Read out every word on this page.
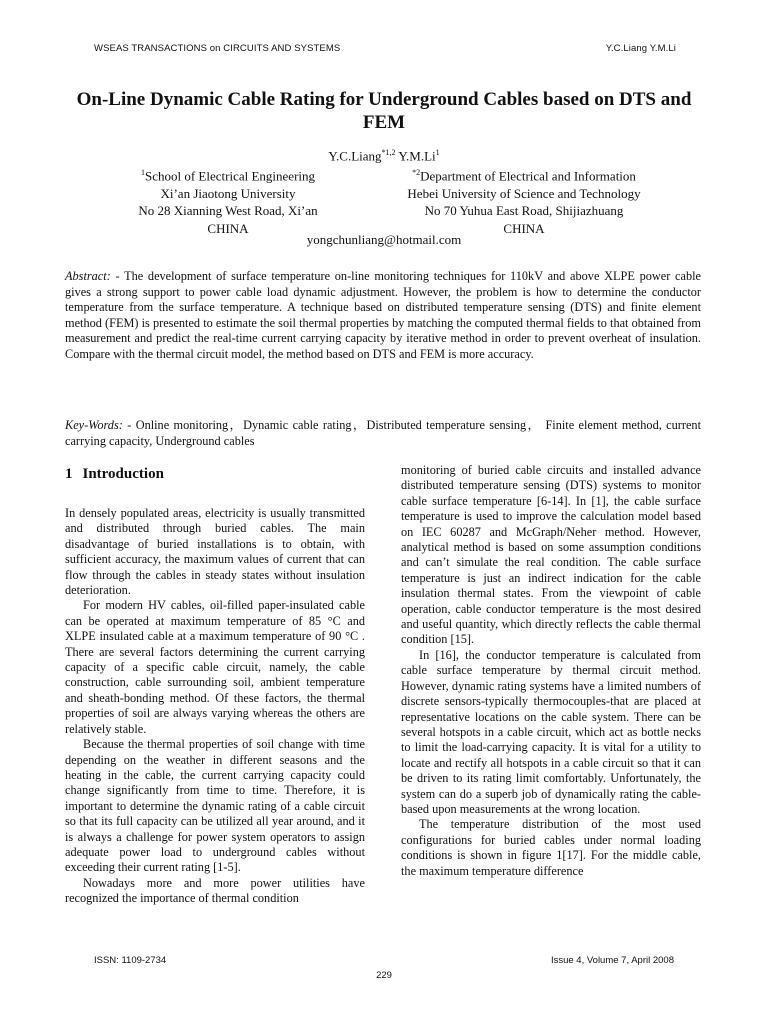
WSEAS TRANSACTIONS on CIRCUITS AND SYSTEMS	Y.C.Liang Y.M.Li
On-Line Dynamic Cable Rating for Underground Cables based on DTS and FEM
Y.C.Liang$^{*1,2}$ Y.M.Li$^1$
$^1$School of Electrical Engineering
Xi’an Jiaotong University
No 28 Xianning West Road, Xi’an
CHINA
$^{*2}$Department of Electrical and Information
Hebei University of Science and Technology
No 70 Yuhua East Road, Shijiazhuang
CHINA
yongchunliang@hotmail.com

Abstract: - The development of surface temperature on-line monitoring techniques for 110kV and above XLPE power cable gives a strong support to power cable load dynamic adjustment. However, the problem is how to determine the conductor temperature from the surface temperature. A technique based on distributed temperature sensing (DTS) and finite element method (FEM) is presented to estimate the soil thermal properties by matching the computed thermal fields to that obtained from measurement and predict the real-time current carrying capacity by iterative method in order to prevent overheat of insulation. Compare with the thermal circuit model, the method based on DTS and FEM is more accuracy.

Key-Words: - Online monitoring，Dynamic cable rating，Distributed temperature sensing， Finite element method, current carrying capacity, Underground cables

1 Introduction

In densely populated areas, electricity is usually transmitted and distributed through buried cables. The main disadvantage of buried installations is to obtain, with sufficient accuracy, the maximum values of current that can flow through the cables in steady states without insulation deterioration.

For modern HV cables, oil-filled paper-insulated cable can be operated at maximum temperature of 85 °C and XLPE insulated cable at a maximum temperature of 90 °C . There are several factors determining the current carrying capacity of a specific cable circuit, namely, the cable construction, cable surrounding soil, ambient temperature and sheath-bonding method. Of these factors, the thermal properties of soil are always varying whereas the others are relatively stable.

Because the thermal properties of soil change with time depending on the weather in different seasons and the heating in the cable, the current carrying capacity could change significantly from time to time. Therefore, it is important to determine the dynamic rating of a cable circuit so that its full capacity can be utilized all year around, and it is always a challenge for power system operators to assign adequate power load to underground cables without exceeding their current rating [1-5].

Nowadays more and more power utilities have recognized the importance of thermal condition

monitoring of buried cable circuits and installed advance distributed temperature sensing (DTS) systems to monitor cable surface temperature [6-14]. In [1], the cable surface temperature is used to improve the calculation model based on IEC 60287 and McGraph/Neher method. However, analytical method is based on some assumption conditions and can’t simulate the real condition. The cable surface temperature is just an indirect indication for the cable insulation thermal states. From the viewpoint of cable operation, cable conductor temperature is the most desired and useful quantity, which directly reflects the cable thermal condition [15].

In [16], the conductor temperature is calculated from cable surface temperature by thermal circuit method. However, dynamic rating systems have a limited numbers of discrete sensors-typically thermocouples-that are placed at representative locations on the cable system. There can be several hotspots in a cable circuit, which act as bottle necks to limit the load-carrying capacity. It is vital for a utility to locate and rectify all hotspots in a cable circuit so that it can be driven to its rating limit comfortably. Unfortunately, the system can do a superb job of dynamically rating the cable-based upon measurements at the wrong location.

The temperature distribution of the most used configurations for buried cables under normal loading conditions is shown in figure 1[17]. For the middle cable, the maximum temperature difference

ISSN: 1109-2734	Issue 4, Volume 7, April 2008
229
